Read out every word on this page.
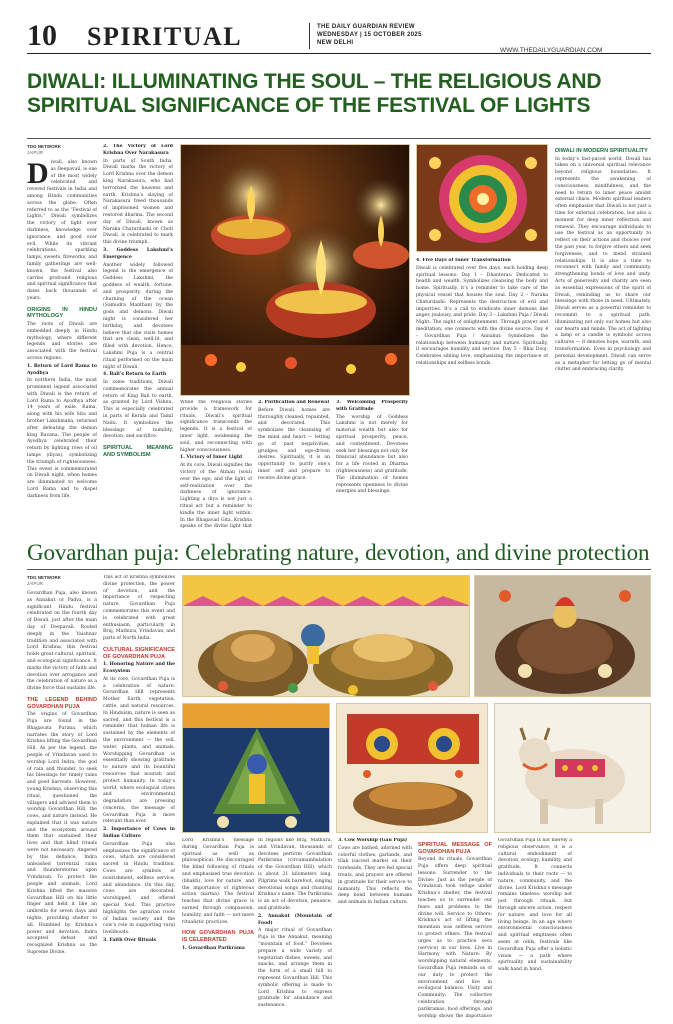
10 SPIRITUAL	THE DAILY GUARDIAN REVIEW
WEDNESDAY | 15 OCTOBER 2025
NEW DELHI
WWW.THEDAILYGUARDIAN.COM
DIWALI: ILLUMINATING THE SOUL – THE RELIGIOUS AND SPIRITUAL SIGNIFICANCE OF THE FESTIVAL OF LIGHTS
TDG NETWORK
JAIPUR

Diwali, also known as Deepavali, is one of the most widely celebrated and revered festivals in India and among Hindu communities across the globe. Often referred to as the “Festival of Lights,” Diwali symbolizes the victory of light over darkness, knowledge over ignorance, and good over evil. While its vibrant celebrations, sparkling lamps, sweets, fireworks, and family gatherings are well-known, the festival also carries profound religious and spiritual significance that dates back thousands of years.

ORIGINS IN HINDU MYTHOLOGY

The roots of Diwali are embedded deeply in Hindu mythology, where different legends and stories are associated with the festival across regions.

1. Return of Lord Rama to Ayodhya

In northern India, the most prominent legend associated with Diwali is the return of Lord Rama to Ayodhya after 14 years of exile. Rama, along with his wife Sita and brother Lakshmana, returned after defeating the demon king Ravana. The people of Ayodhya celebrated their return by lighting rows of oil lamps (diyas), symbolizing the triumph of righteousness. This event is commemorated on Diwali night, when homes are illuminated to welcome Lord Rama and to dispel darkness from life.

2. The Victory of Lord Krishna Over Narakasura

In parts of South India, Diwali marks the victory of Lord Krishna over the demon king Narakasura, who had terrorized the heavens and earth. Krishna’s slaying of Narakasura freed thousands of imprisoned women and restored dharma. The second day of Diwali, known as Naraka Chaturdashi or Choti Diwali, is celebrated to mark this divine triumph.

3. Goddess Lakshmi’s Emergence

Another widely followed legend is the emergence of Goddess Lakshmi, the goddess of wealth, fortune, and prosperity, during the churning of the ocean (Samudra Manthan) by the gods and demons. Diwali night is considered her birthday, and devotees believe that she visits homes that are clean, well-lit, and filled with devotion. Hence, Lakshmi Puja is a central ritual performed on the main night of Diwali.

4. Bali’s Return to Earth

In some traditions, Diwali commemorates the annual return of King Bali to earth, as granted by Lord Vishnu. This is especially celebrated in parts of Kerala and Tamil Nadu. It symbolizes the blessings of humility, devotion, and sacrifice.

SPIRITUAL MEANING AND SYMBOLISM

While the religious stories provide a framework for rituals, Diwali’s spiritual significance transcends the legends. It is a festival of inner light, awakening the soul, and reconnecting with higher consciousness.

1. Victory of Inner Light

At its core, Diwali signifies the victory of the Atman (soul) over the ego, and the light of self-realization over the darkness of ignorance. Lighting a diya is not just a ritual act but a reminder to kindle the inner light within. In the Bhagavad Gita, Krishna speaks of the divine light that

2. Purification and Renewal

Before Diwali, homes are thoroughly cleaned, repainted, and decorated. This symbolizes the cleansing of the mind and heart — letting go of past negativities, grudges, and ego-driven desires. Spiritually, it is an opportunity to purify one’s inner self and prepare to receive divine grace.

3. Welcoming Prosperity with Gratitude

The worship of Goddess Lakshmi is not merely for material wealth but also for spiritual prosperity, peace, and contentment. Devotees seek her blessings not only for financial abundance but also for a life rooted in Dharma (righteousness) and gratitude. The illumination of homes represents openness to divine energies and blessings.

4. Five Days of Inner Transformation

Diwali is celebrated over five days, each holding deep spiritual lessons: Day 1 – Dhanteras: Dedicated to health and wealth. Symbolizes cleansing the body and home. Spiritually, it’s a reminder to take care of the physical vessel that houses the soul. Day 2 – Naraka Chaturdashi: Represents the destruction of evil and impurities. It’s a call to eradicate inner demons like anger, jealousy, and pride. Day 3 – Lakshmi Puja / Diwali Night: The night of enlightenment. Through prayer and meditation, one connects with the divine source. Day 4 – Govardhan Puja / Annakut: Symbolizes the relationship between humanity and nature. Spiritually, it encourages humility and service. Day 5 – Bhai Dooj: Celebrates sibling love, emphasizing the importance of relationships and selfless bonds.

DIWALI IN MODERN SPIRITUALITY

In today’s fast-paced world, Diwali has taken on a universal spiritual relevance beyond religious boundaries. It represents the awakening of consciousness, mindfulness, and the need to return to inner peace amidst external chaos. Modern spiritual leaders often emphasize that Diwali is not just a time for external celebration, but also a moment for deep inner reflection and renewal. They encourage individuals to use the festival as an opportunity to reflect on their actions and choices over the past year, to forgive others and seek forgiveness, and to mend strained relationships. It is also a time to reconnect with family and community, strengthening bonds of love and unity. Acts of generosity and charity are seen as essential expressions of the spirit of Diwali, reminding us to share our blessings with those in need. Ultimately, Diwali serves as a powerful reminder to recommit to a spiritual path, illuminating not only our homes but also our hearts and minds. The act of lighting a lamp or a candle is symbolic across cultures — it denotes hope, warmth, and transformation. Even in psychology and personal development, Diwali can serve as a metaphor for letting go of mental clutter and embracing clarity.

Govardhan puja: Celebrating nature, devotion, and divine protection
TDG NETWORK
JAIPUR

Govardhan Puja, also known as Annakut or Padva, is a significant Hindu festival celebrated on the fourth day of Diwali, just after the main day of Deepavali. Rooted deeply in the Vaishnav tradition and associated with Lord Krishna, this festival holds great cultural, spiritual, and ecological significance. It marks the victory of faith and devotion over arrogance and the celebration of nature as a divine force that sustains life.

THE LEGEND BEHIND GOVARDHAN PUJA

The origins of Govardhan Puja are found in the Bhagavata Purana, which narrates the story of Lord Krishna lifting the Govardhan Hill. As per the legend, the people of Vrindavan used to worship Lord Indra, the god of rain and thunder, to seek his blessings for timely rains and good harvests. However, young Krishna, observing this ritual, questioned the villagers and advised them to worship Govardhan Hill, the cows, and nature instead. He explained that it was nature and the ecosystem around them that sustained their lives and that blind rituals were not necessary. Angered by this defiance, Indra unleashed torrential rains and thunderstorms upon Vrindavan. To protect the people and animals, Lord Krishna lifted the massive Govardhan Hill on his little finger and held it like an umbrella for seven days and nights, providing shelter to all. Humbled by Krishna’s power and devotion, Indra accepted defeat and recognized Krishna as the Supreme Divine.

This act of Krishna symbolizes divine protection, the power of devotion, and the importance of respecting nature. Govardhan Puja commemorates this event and is celebrated with great enthusiasm, particularly in Braj, Mathura, Vrindavan, and parts of North India.

CULTURAL SIGNIFICANCE OF GOVARDHAN PUJA

1. Honoring Nature and the Ecosystem

At its core, Govardhan Puja is a celebration of nature. Govardhan Hill represents Mother Earth, vegetation, cattle, and natural resources. In Hinduism, nature is seen as sacred, and this festival is a reminder that human life is sustained by the elements of the environment — the soil, water, plants, and animals. Worshipping Govardhan is essentially showing gratitude to nature and its bountiful resources that nourish and protect humanity. In today’s world, where ecological crises and environmental degradation are pressing concerns, the message of Govardhan Puja is more relevant than ever.

2. Importance of Cows in Indian Culture

Govardhan Puja also emphasizes the significance of cows, which are considered sacred in Hindu tradition. Cows are symbols of nourishment, selfless service, and abundance. On this day, cows are decorated, worshipped, and offered special food. This practice highlights the agrarian roots of Indian society and the cow’s role in supporting rural livelihoods.

3. Faith Over Rituals

Lord Krishna’s message during Govardhan Puja is spiritual as well as philosophical. He discouraged the blind following of rituals and emphasized true devotion (bhakti), love for nature, and the importance of righteous action (karma). The festival teaches that divine grace is earned through compassion, humility, and faith — not mere ritualistic practices.

HOW GOVARDHAN PUJA IS CELEBRATED

1. Govardhan Parikrama

In regions like Braj, Mathura, and Vrindavan, thousands of devotees perform Govardhan Parikrama (circumambulation of the Govardhan Hill), which is about 21 kilometers long. Pilgrims walk barefoot, singing devotional songs and chanting Krishna’s name. The Parikrama is an act of devotion, penance, and gratitude.

2. Annakut (Mountain of Food)

A major ritual of Govardhan Puja is the Annakut, meaning “mountain of food.” Devotees prepare a wide variety of vegetarian dishes, sweets, and snacks, and arrange them in the form of a small hill to represent Govardhan Hill. This symbolic offering is made to Lord Krishna to express gratitude for abundance and sustenance.

3. Cow Worship (Gau Puja)

Cows are bathed, adorned with colorful clothes, garlands, and tilak (sacred marks) on their foreheads. They are fed special treats, and prayers are offered in gratitude for their service to humanity. This reflects the deep bond between humans and animals in Indian culture.

SPIRITUAL MESSAGE OF GOVARDHAN PUJA

Beyond its rituals, Govardhan Puja offers deep spiritual lessons: Surrender to the Divine: Just as the people of Vrindavan took refuge under Krishna’s shelter, the festival teaches us to surrender our fears and problems to the divine will. Service to Others: Krishna’s act of lifting the mountain was selfless service to protect others. The festival urges us to practice seva (service) in our lives. Live in Harmony with Nature: By worshipping natural elements, Govardhan Puja reminds us of our duty to protect the environment and live in ecological balance. Unity and Community: The collective celebration through parikramas, food offerings, and worship shows the importance

Govardhan Puja is not merely a religious observance; it is a cultural embodiment of devotion, ecology, humility, and gratitude. It connects individuals to their roots — to nature, community, and the divine. Lord Krishna’s message remains timeless: worship not just through rituals, but through sincere action, respect for nature, and love for all living beings. In an age where environmental consciousness and spiritual emptiness often seem at odds, festivals like Govardhan Puja offer a holistic vision — a path where spirituality and sustainability walk hand in hand.
